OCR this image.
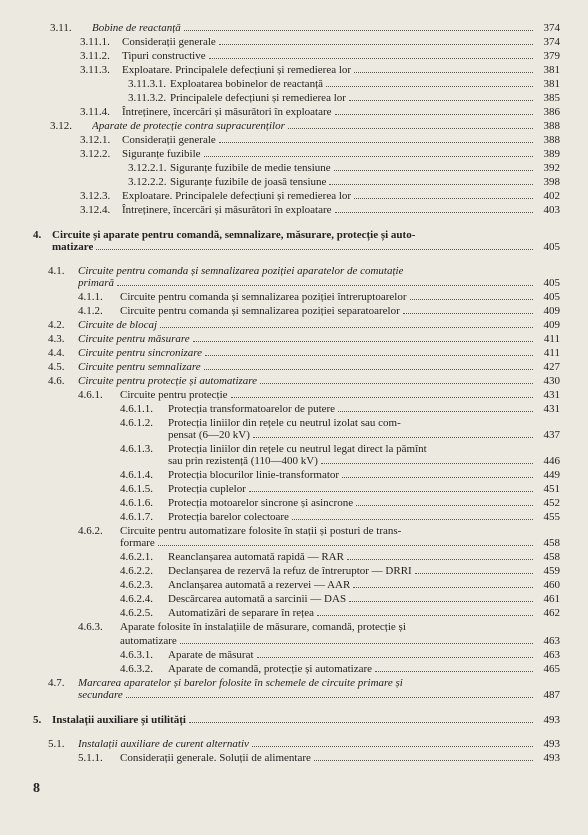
3.11.	Bobine de reactanță	374
3.11.1.	Considerații generale	374
3.11.2.	Tipuri constructive	379
3.11.3.	Exploatare. Principalele defecțiuni și remedierea lor	381
3.11.3.1. Exploatarea bobinelor de reactanță	381
3.11.3.2. Principalele defecțiuni și remedierea lor	385
3.11.4.	Întreținere, încercări și măsurători în exploatare	386
3.12.	Aparate de protecție contra supracurenților	388
3.12.1.	Considerații generale	388
3.12.2.	Siguranțe fuzibile	389
3.12.2.1. Siguranțe fuzibile de medie tensiune	392
3.12.2.2. Siguranțe fuzibile de joasă tensiune	398
3.12.3.	Exploatare. Principalele defecțiuni și remedierea lor	402
3.12.4.	Întreținere, încercări și măsurători în exploatare	403
4. Circuite și aparate pentru comandă, semnalizare, măsurare, protecție și auto-
matizare	405
4.1.	Circuite pentru comanda și semnalizarea poziției aparatelor de comutație
primară	405
4.1.1.	Circuite pentru comanda și semnalizarea poziției întreruptoarelor	405
4.1.2.	Circuite pentru comanda și semnalizarea poziției separatoarelor	409
4.2.	Circuite de blocaj	409
4.3.	Circuite pentru măsurare	411
4.4.	Circuite pentru sincronizare	411
4.5.	Circuite pentru semnalizare	427
4.6.	Circuite pentru protecție și automatizare	430
4.6.1.	Circuite pentru protecție	431
4.6.1.1.	Protecția transformatoarelor de putere	431
4.6.1.2.	Protecția liniilor din rețele cu neutrul izolat sau com-
pensat (6—20 kV)	437
4.6.1.3.	Protecția liniilor din rețele cu neutrul legat direct la pămînt
sau prin rezistență (110—400 kV)	446
4.6.1.4.	Protecția blocurilor linie-transformator	449
4.6.1.5.	Protecția cuplelor	451
4.6.1.6.	Protecția motoarelor sincrone și asincrone	452
4.6.1.7.	Protecția barelor colectoare	455
4.6.2.	Circuite pentru automatizare folosite în stații și posturi de trans-
formare	458
4.6.2.1.	Reanclanșarea automată rapidă — RAR	458
4.6.2.2.	Declanșarea de rezervă la refuz de întreruptor — DRRI	459
4.6.2.3.	Anclanșarea automată a rezervei — AAR	460
4.6.2.4.	Descărcarea automată a sarcinii — DAS	461
4.6.2.5.	Automatizări de separare în rețea	462
4.6.3.	Aparate folosite în instalațiile de măsurare, comandă, protecție și
automatizare	463
4.6.3.1.	Aparate de măsurat	463
4.6.3.2.	Aparate de comandă, protecție și automatizare	465
4.7.	Marcarea aparatelor și barelor folosite în schemele de circuite primare și
secundare	487
5. Instalații auxiliare și utilități	493
5.1.	Instalații auxiliare de curent alternativ	493
5.1.1.	Considerații generale. Soluții de alimentare	493
8
